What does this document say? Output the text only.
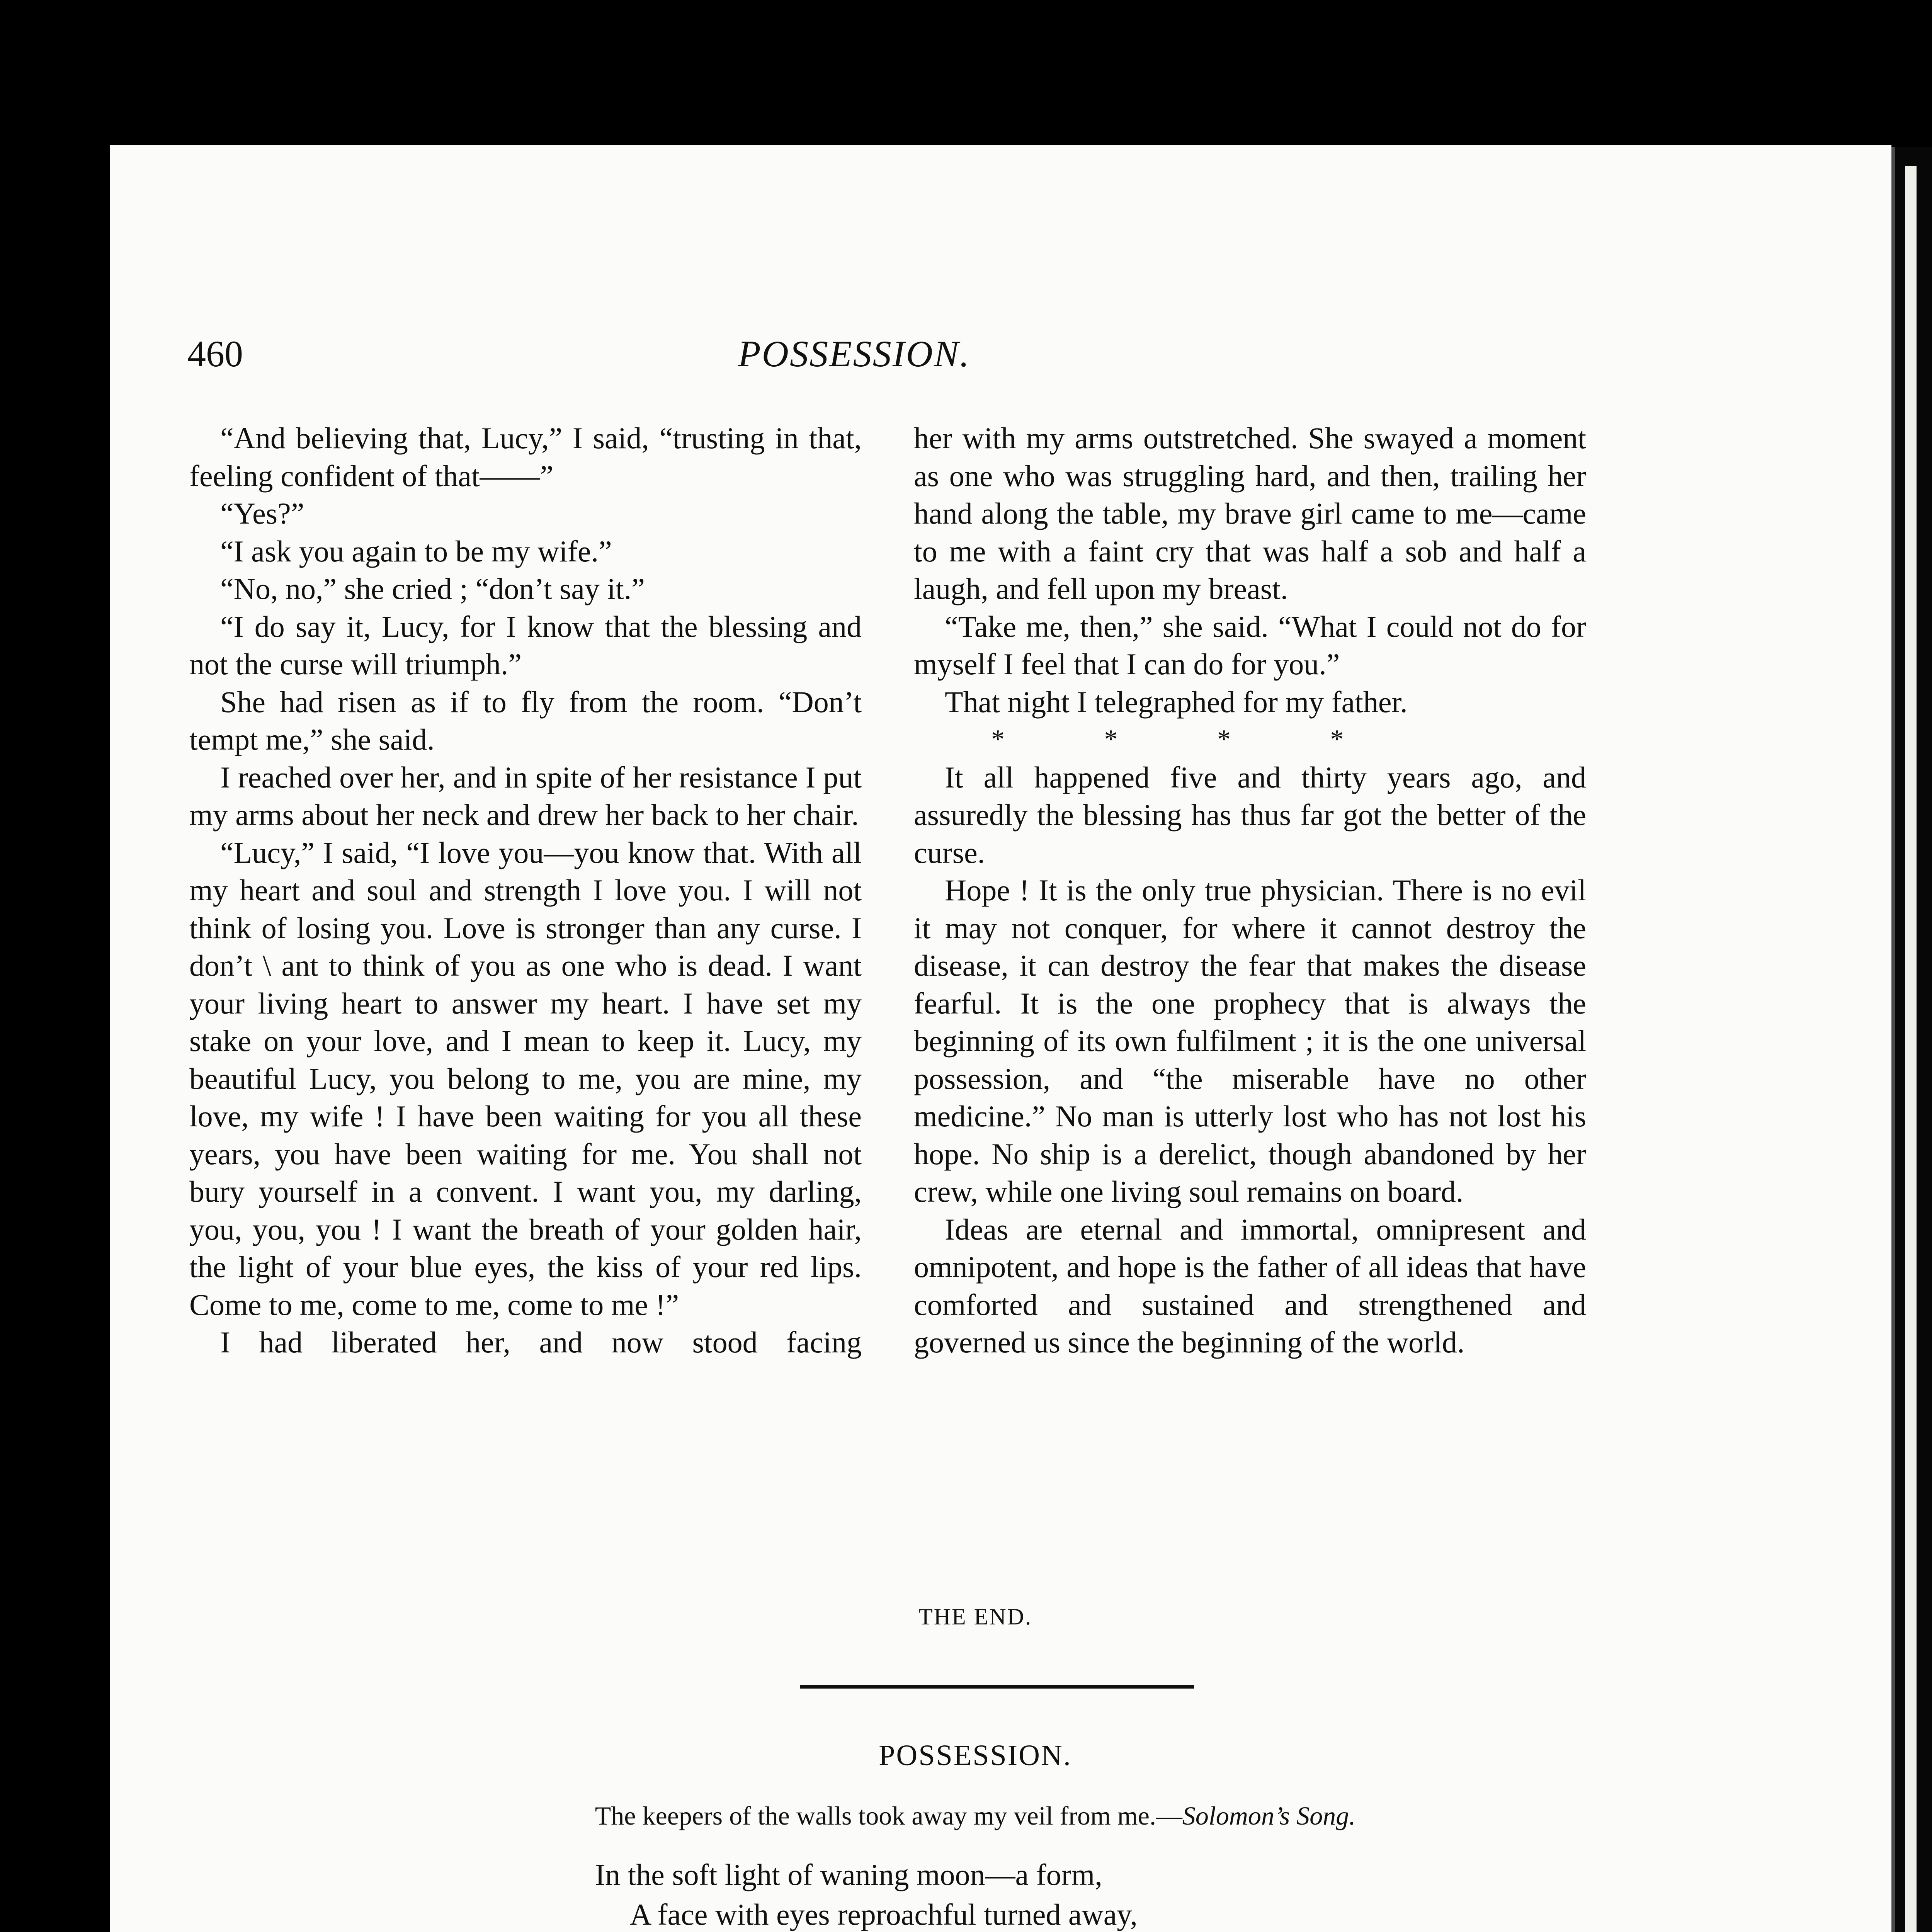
460	POSSESSION.

“And believing that, Lucy,” I said, “trusting in that, feeling confident of that——”

“Yes?”

“I ask you again to be my wife.”

“No, no,” she cried ; “don’t say it.”

“I do say it, Lucy, for I know that the blessing and not the curse will triumph.”

She had risen as if to fly from the room. “Don’t tempt me,” she said.

I reached over her, and in spite of her resistance I put my arms about her neck and drew her back to her chair.

“Lucy,” I said, “I love you—you know that. With all my heart and soul and strength I love you. I will not think of losing you. Love is stronger than any curse. I don’t \ ant to think of you as one who is dead. I want your living heart to answer my heart. I have set my stake on your love, and I mean to keep it. Lucy, my beautiful Lucy, you belong to me, you are mine, my love, my wife ! I have been waiting for you all these years, you have been waiting for me. You shall not bury yourself in a convent. I want you, my darling, you, you, you ! I want the breath of your golden hair, the light of your blue eyes, the kiss of your red lips. Come to me, come to me, come to me !”

I had liberated her, and now stood facing

her with my arms outstretched. She swayed a moment as one who was struggling hard, and then, trailing her hand along the table, my brave girl came to me—came to me with a faint cry that was half a sob and half a laugh, and fell upon my breast.

“Take me, then,” she said. “What I could not do for myself I feel that I can do for you.”

That night I telegraphed for my father.

* * * *

It all happened five and thirty years ago, and assuredly the blessing has thus far got the better of the curse.

Hope ! It is the only true physician. There is no evil it may not conquer, for where it cannot destroy the disease, it can destroy the fear that makes the disease fearful. It is the one prophecy that is always the beginning of its own fulfilment ; it is the one universal possession, and “the miserable have no other medicine.” No man is utterly lost who has not lost his hope. No ship is a derelict, though abandoned by her crew, while one living soul remains on board.

Ideas are eternal and immortal, omnipresent and omnipotent, and hope is the father of all ideas that have comforted and sustained and strengthened and governed us since the beginning of the world.

THE END.
POSSESSION.
The keepers of the walls took away my veil from me.—Solomon’s Song.
In the soft light of waning moon—a form,
A face with eyes reproachful turned away,
